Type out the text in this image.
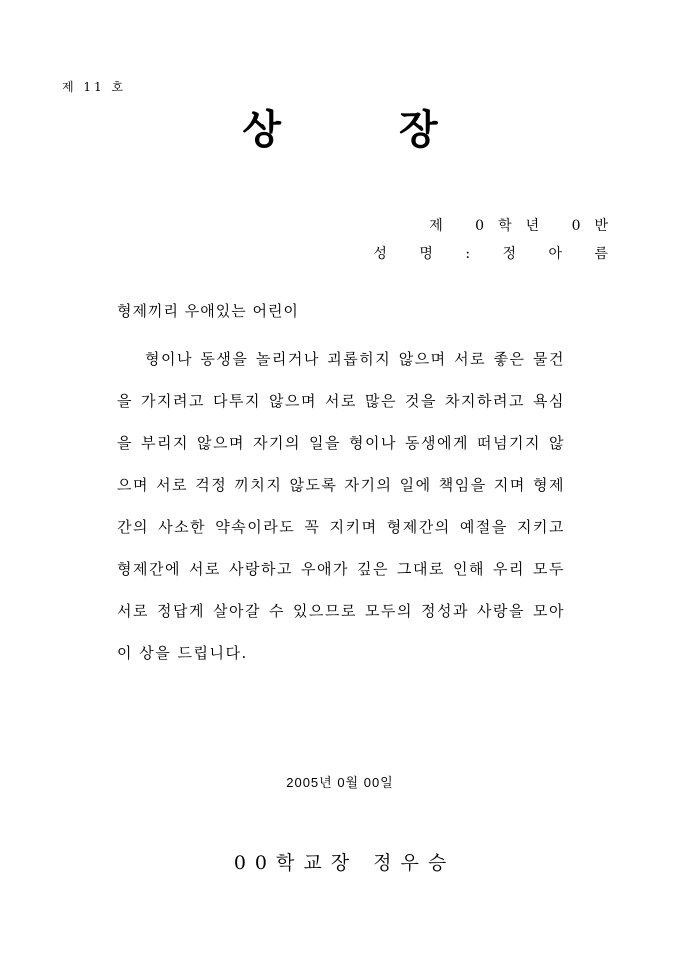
제 11 호
상장
제 0학년 0반
성 명 : 정 아 름
형제끼리 우애있는 어린이
형이나 동생을 놀리거나 괴롭히지 않으며 서로 좋은 물건을 가지려고 다투지 않으며 서로 많은 것을 차지하려고 욕심을 부리지 않으며 자기의 일을 형이나 동생에게 떠넘기지 않으며 서로 걱정 끼치지 않도록 자기의 일에 책임을 지며 형제간의 사소한 약속이라도 꼭 지키며 형제간의 예절을 지키고 형제간에 서로 사랑하고 우애가 깊은 그대로 인해 우리 모두 서로 정답게 살아갈 수 있으므로 모두의 정성과 사랑을 모아 이 상을 드립니다.
2005년 0월 00일
00학교장 정우승
